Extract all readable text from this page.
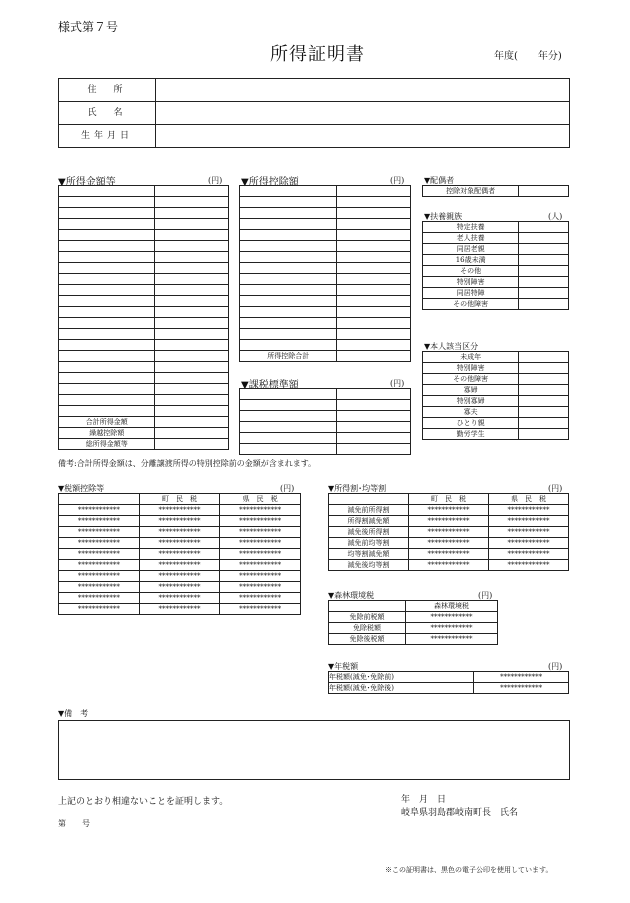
様式第７号
所得証明書	年度(　　年分)
住　所	
氏　名	
生年月日	
▼所得金額等	(円) ▼所得控除額	(円) ▼配偶者

合計所得金額	
繰越控除額	
総所得金額等	

所得控除合計	
▼課税標準額	(円)

控除対象配偶者	
▼扶養親族	(人)
特定扶養	
老人扶養	
同居老親	
16歳未満	
その他	
特別障害	
同居特障	
その他障害	
▼本人該当区分
未成年	
特別障害	
その他障害	
寡婦	
特別寡婦	
寡夫	
ひとり親	
勤労学生	
備考:合計所得金額は、分離譲渡所得の特別控除前の金額が含まれます。
▼税額控除等	(円)
	町　民　税	県　民　税
************	************	************
************	************	************
************	************	************
************	************	************
************	************	************
************	************	************
************	************	************
************	************	************
************	************	************
************	************	************
▼所得割･均等割	(円)
	町　民　税	県　民　税
減免前所得割	************	************
所得割減免額	************	************
減免後所得割	************	************
減免前均等割	************	************
均等割減免額	************	************
減免後均等割	************	************
▼森林環境税	(円)
	森林環境税
免除前税額	************
免除税額	************
免除後税額	************
▼年税額	(円)
年税額(減免･免除前)	************
年税額(減免･免除後)	************
▼備　考
上記のとおり相違ないことを証明します。
第　　号
年　月　日
岐阜県羽島郡岐南町長　氏名
※この証明書は、黒色の電子公印を使用しています。
